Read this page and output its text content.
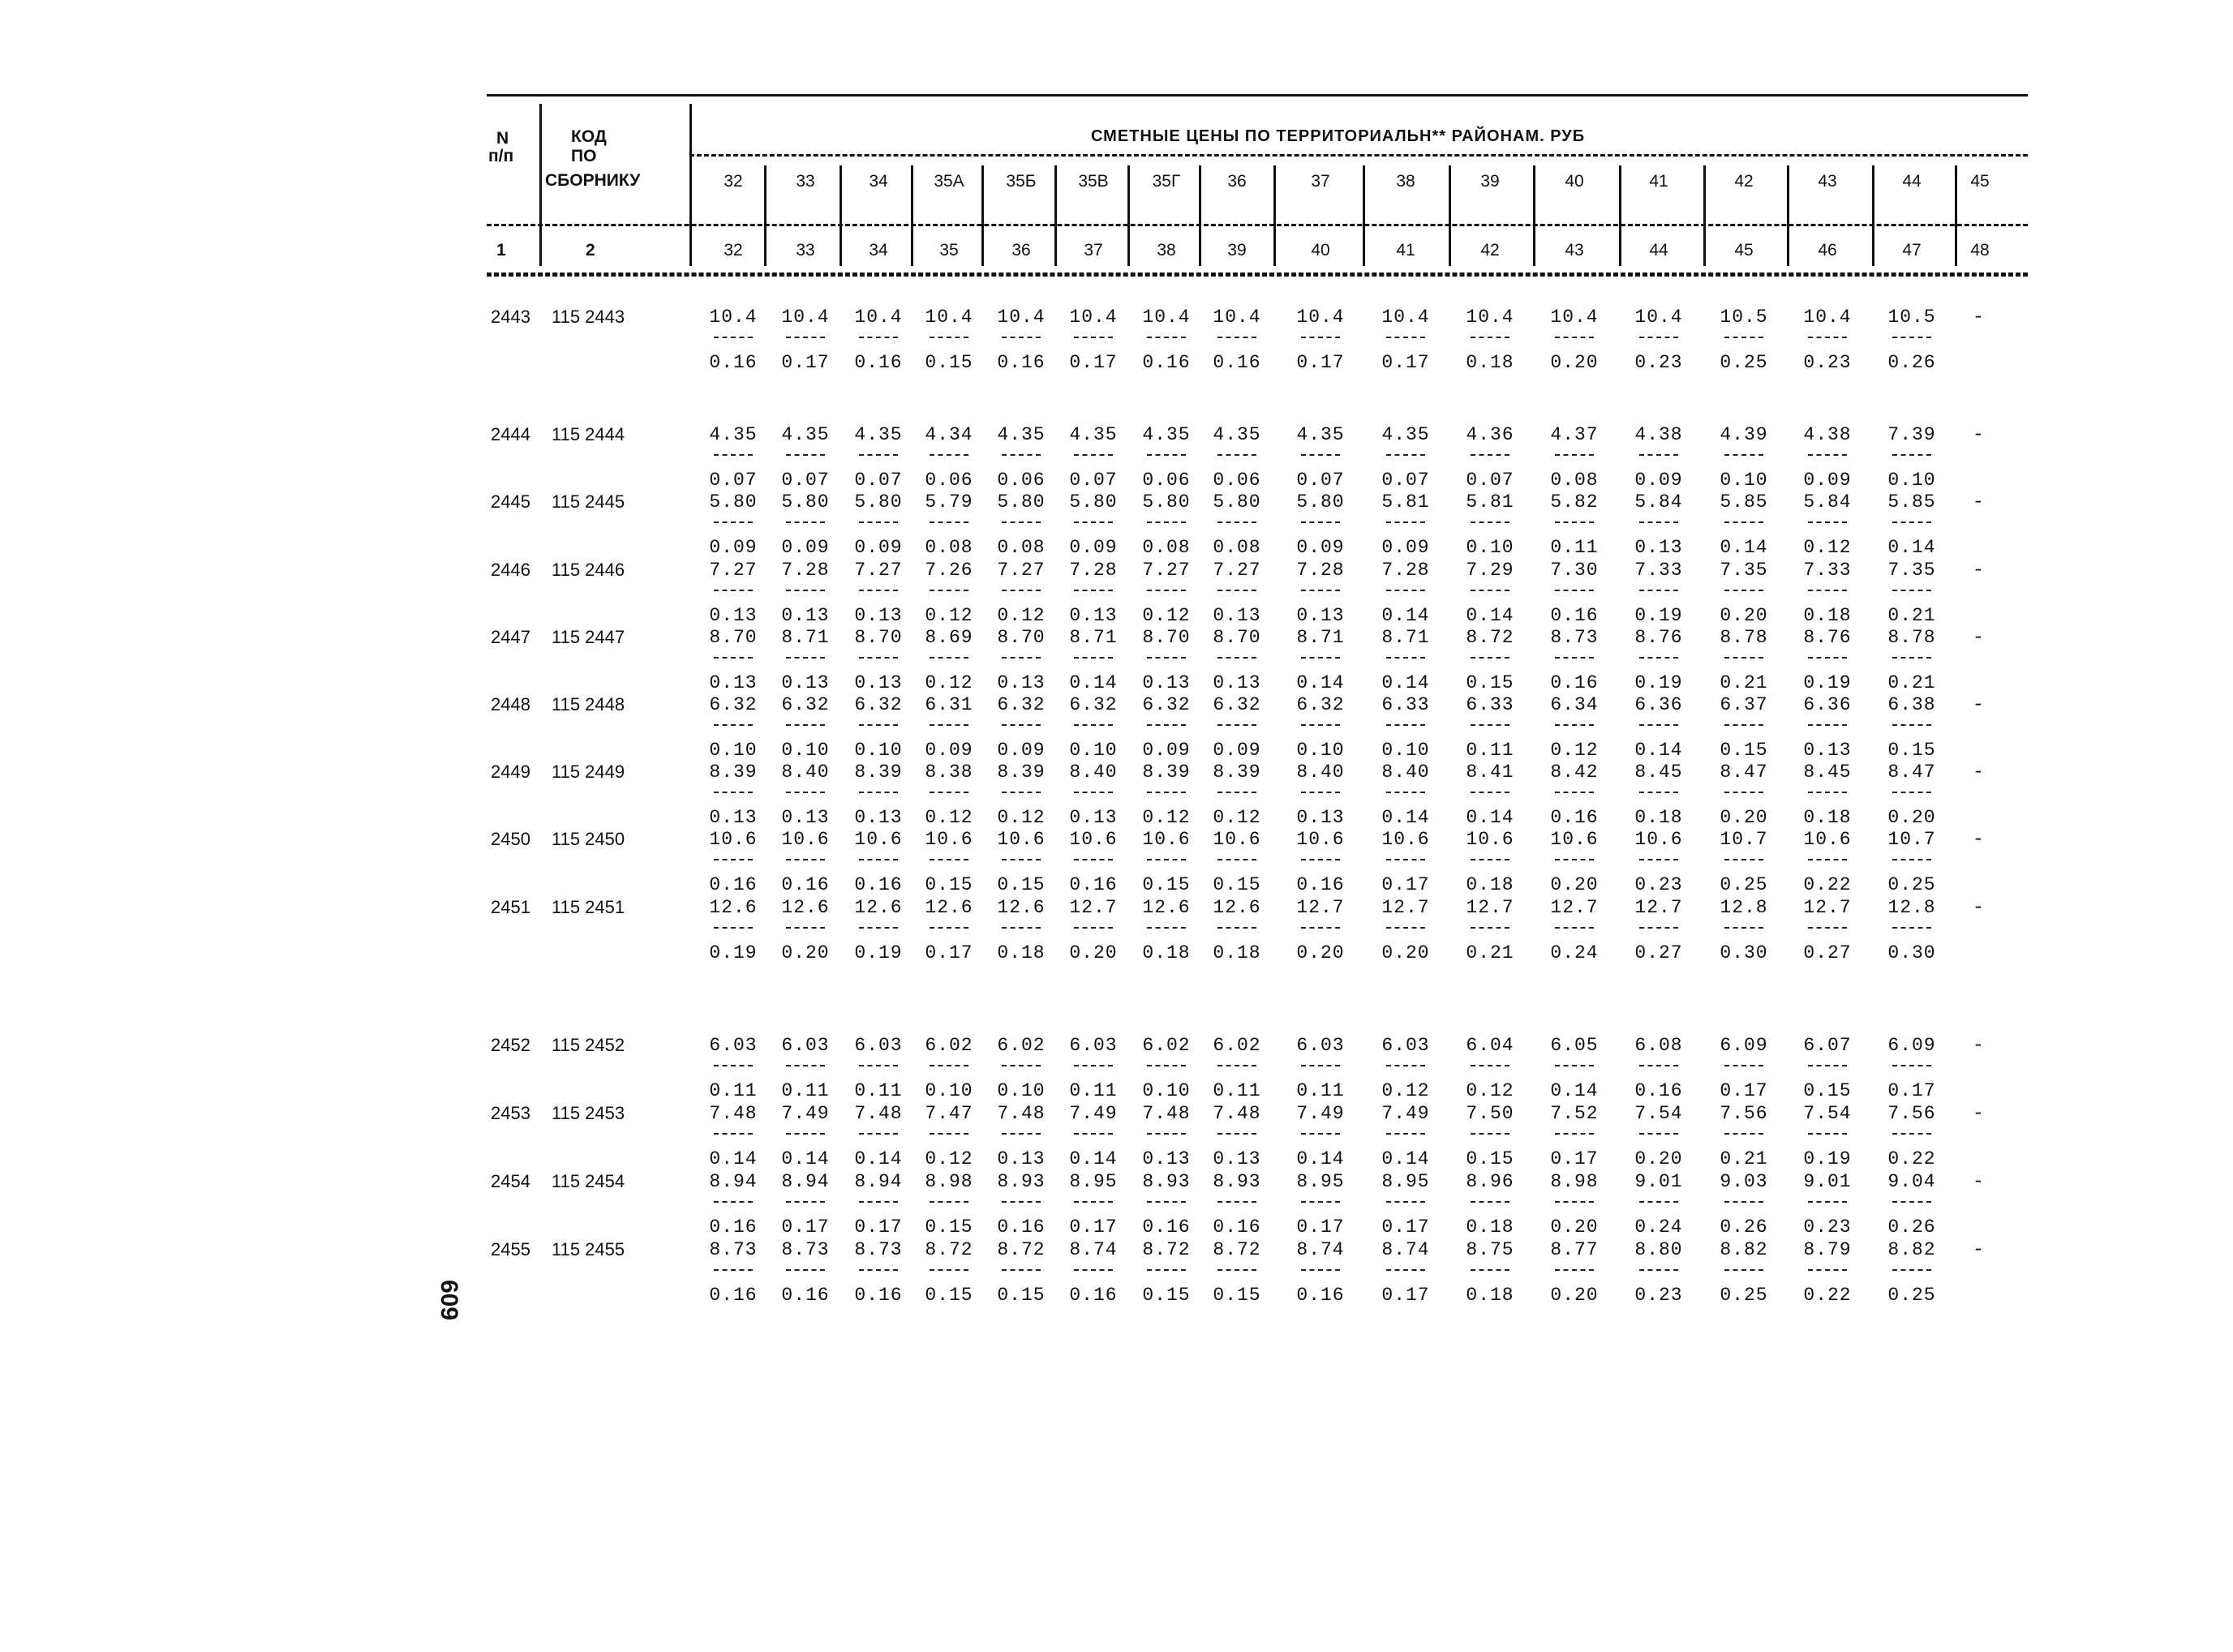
N
п/п
КОД
ПО
СБОРНИКУ
СМЕТНЫЕ ЦЕНЫ ПО ТЕРРИТОРИАЛЬН** РАЙОНАМ. РУБ
1	2
32	33	34	35А 35Б 35В	35Г	36	37	38	39	40	41	42	43	44	45
32	33	34	35	36	37	38	39	40	41	42	43	44	45	46	47	48
2443 115 2443	10.4 10.4 10.4 10.4 10.4 10.4 10.4 10.4 10.4 10.4 10.4 10.4 10.4 10.5 10.4 10.5
0.16 0.17 0.16 0.15 0.16 0.17 0.16 0.16 0.17 0.17 0.18 0.20 0.23 0.25 0.23 0.26
-
2444 115 2444	4.35 4.35 4.35 4.34 4.35 4.35 4.35 4.35 4.35 4.35 4.36 4.37 4.38 4.39 4.38 7.39
0.07 0.07 0.07 0.06 0.06 0.07 0.06 0.06 0.07 0.07 0.07 0.08 0.09 0.10 0.09 0.10
-
2445 115 2445	5.80 5.80 5.80 5.79 5.80 5.80 5.80 5.80 5.80 5.81 5.81 5.82 5.84 5.85 5.84 5.85
0.09 0.09 0.09 0.08 0.08 0.09 0.08 0.08 0.09 0.09 0.10 0.11 0.13 0.14 0.12 0.14
-
2446 115 2446	7.27 7.28 7.27 7.26 7.27 7.28 7.27 7.27 7.28 7.28 7.29 7.30 7.33 7.35 7.33 7.35
0.13 0.13 0.13 0.12 0.12 0.13 0.12 0.13 0.13 0.14 0.14 0.16 0.19 0.20 0.18 0.21
-
2447 115 2447	8.70 8.71 8.70 8.69 8.70 8.71 8.70 8.70 8.71 8.71 8.72 8.73 8.76 8.78 8.76 8.78
0.13 0.13 0.13 0.12 0.13 0.14 0.13 0.13 0.14 0.14 0.15 0.16 0.19 0.21 0.19 0.21
-
2448 115 2448	6.32 6.32 6.32 6.31 6.32 6.32 6.32 6.32 6.32 6.33 6.33 6.34 6.36 6.37 6.36 6.38
0.10 0.10 0.10 0.09 0.09 0.10 0.09 0.09 0.10 0.10 0.11 0.12 0.14 0.15 0.13 0.15
-
2449 115 2449	8.39 8.40 8.39 8.38 8.39 8.40 8.39 8.39 8.40 8.40 8.41 8.42 8.45 8.47 8.45 8.47
0.13 0.13 0.13 0.12 0.12 0.13 0.12 0.12 0.13 0.14 0.14 0.16 0.18 0.20 0.18 0.20
-
2450 115 2450	10.6 10.6 10.6 10.6 10.6 10.6 10.6 10.6 10.6 10.6 10.6 10.6 10.6 10.7 10.6 10.7
0.16 0.16 0.16 0.15 0.15 0.16 0.15 0.15 0.16 0.17 0.18 0.20 0.23 0.25 0.22 0.25
-
2451 115 2451	12.6 12.6 12.6 12.6 12.6 12.7 12.6 12.6 12.7 12.7 12.7 12.7 12.7 12.8 12.7 12.8
0.19 0.20 0.19 0.17 0.18 0.20 0.18 0.18 0.20 0.20 0.21 0.24 0.27 0.30 0.27 0.30
-
2452 115 2452	6.03 6.03 6.03 6.02 6.02 6.03 6.02 6.02 6.03 6.03 6.04 6.05 6.08 6.09 6.07 6.09
0.11 0.11 0.11 0.10 0.10 0.11 0.10 0.11 0.11 0.12 0.12 0.14 0.16 0.17 0.15 0.17
-
2453 115 2453	7.48 7.49 7.48 7.47 7.48 7.49 7.48 7.48 7.49 7.49 7.50 7.52 7.54 7.56 7.54 7.56
0.14 0.14 0.14 0.12 0.13 0.14 0.13 0.13 0.14 0.14 0.15 0.17 0.20 0.21 0.19 0.22
-
2454 115 2454	8.94 8.94 8.94 8.98 8.93 8.95 8.93 8.93 8.95 8.95 8.96 8.98 9.01 9.03 9.01 9.04
0.16 0.17 0.17 0.15 0.16 0.17 0.16 0.16 0.17 0.17 0.18 0.20 0.24 0.26 0.23 0.26
-
2455 115 2455	8.73 8.73 8.73 8.72 8.72 8.74 8.72 8.72 8.74 8.74 8.75 8.77 8.80 8.82 8.79 8.82
0.16 0.16 0.16 0.15 0.15 0.16 0.15 0.15 0.16 0.17 0.18 0.20 0.23 0.25 0.22 0.25
-
609
